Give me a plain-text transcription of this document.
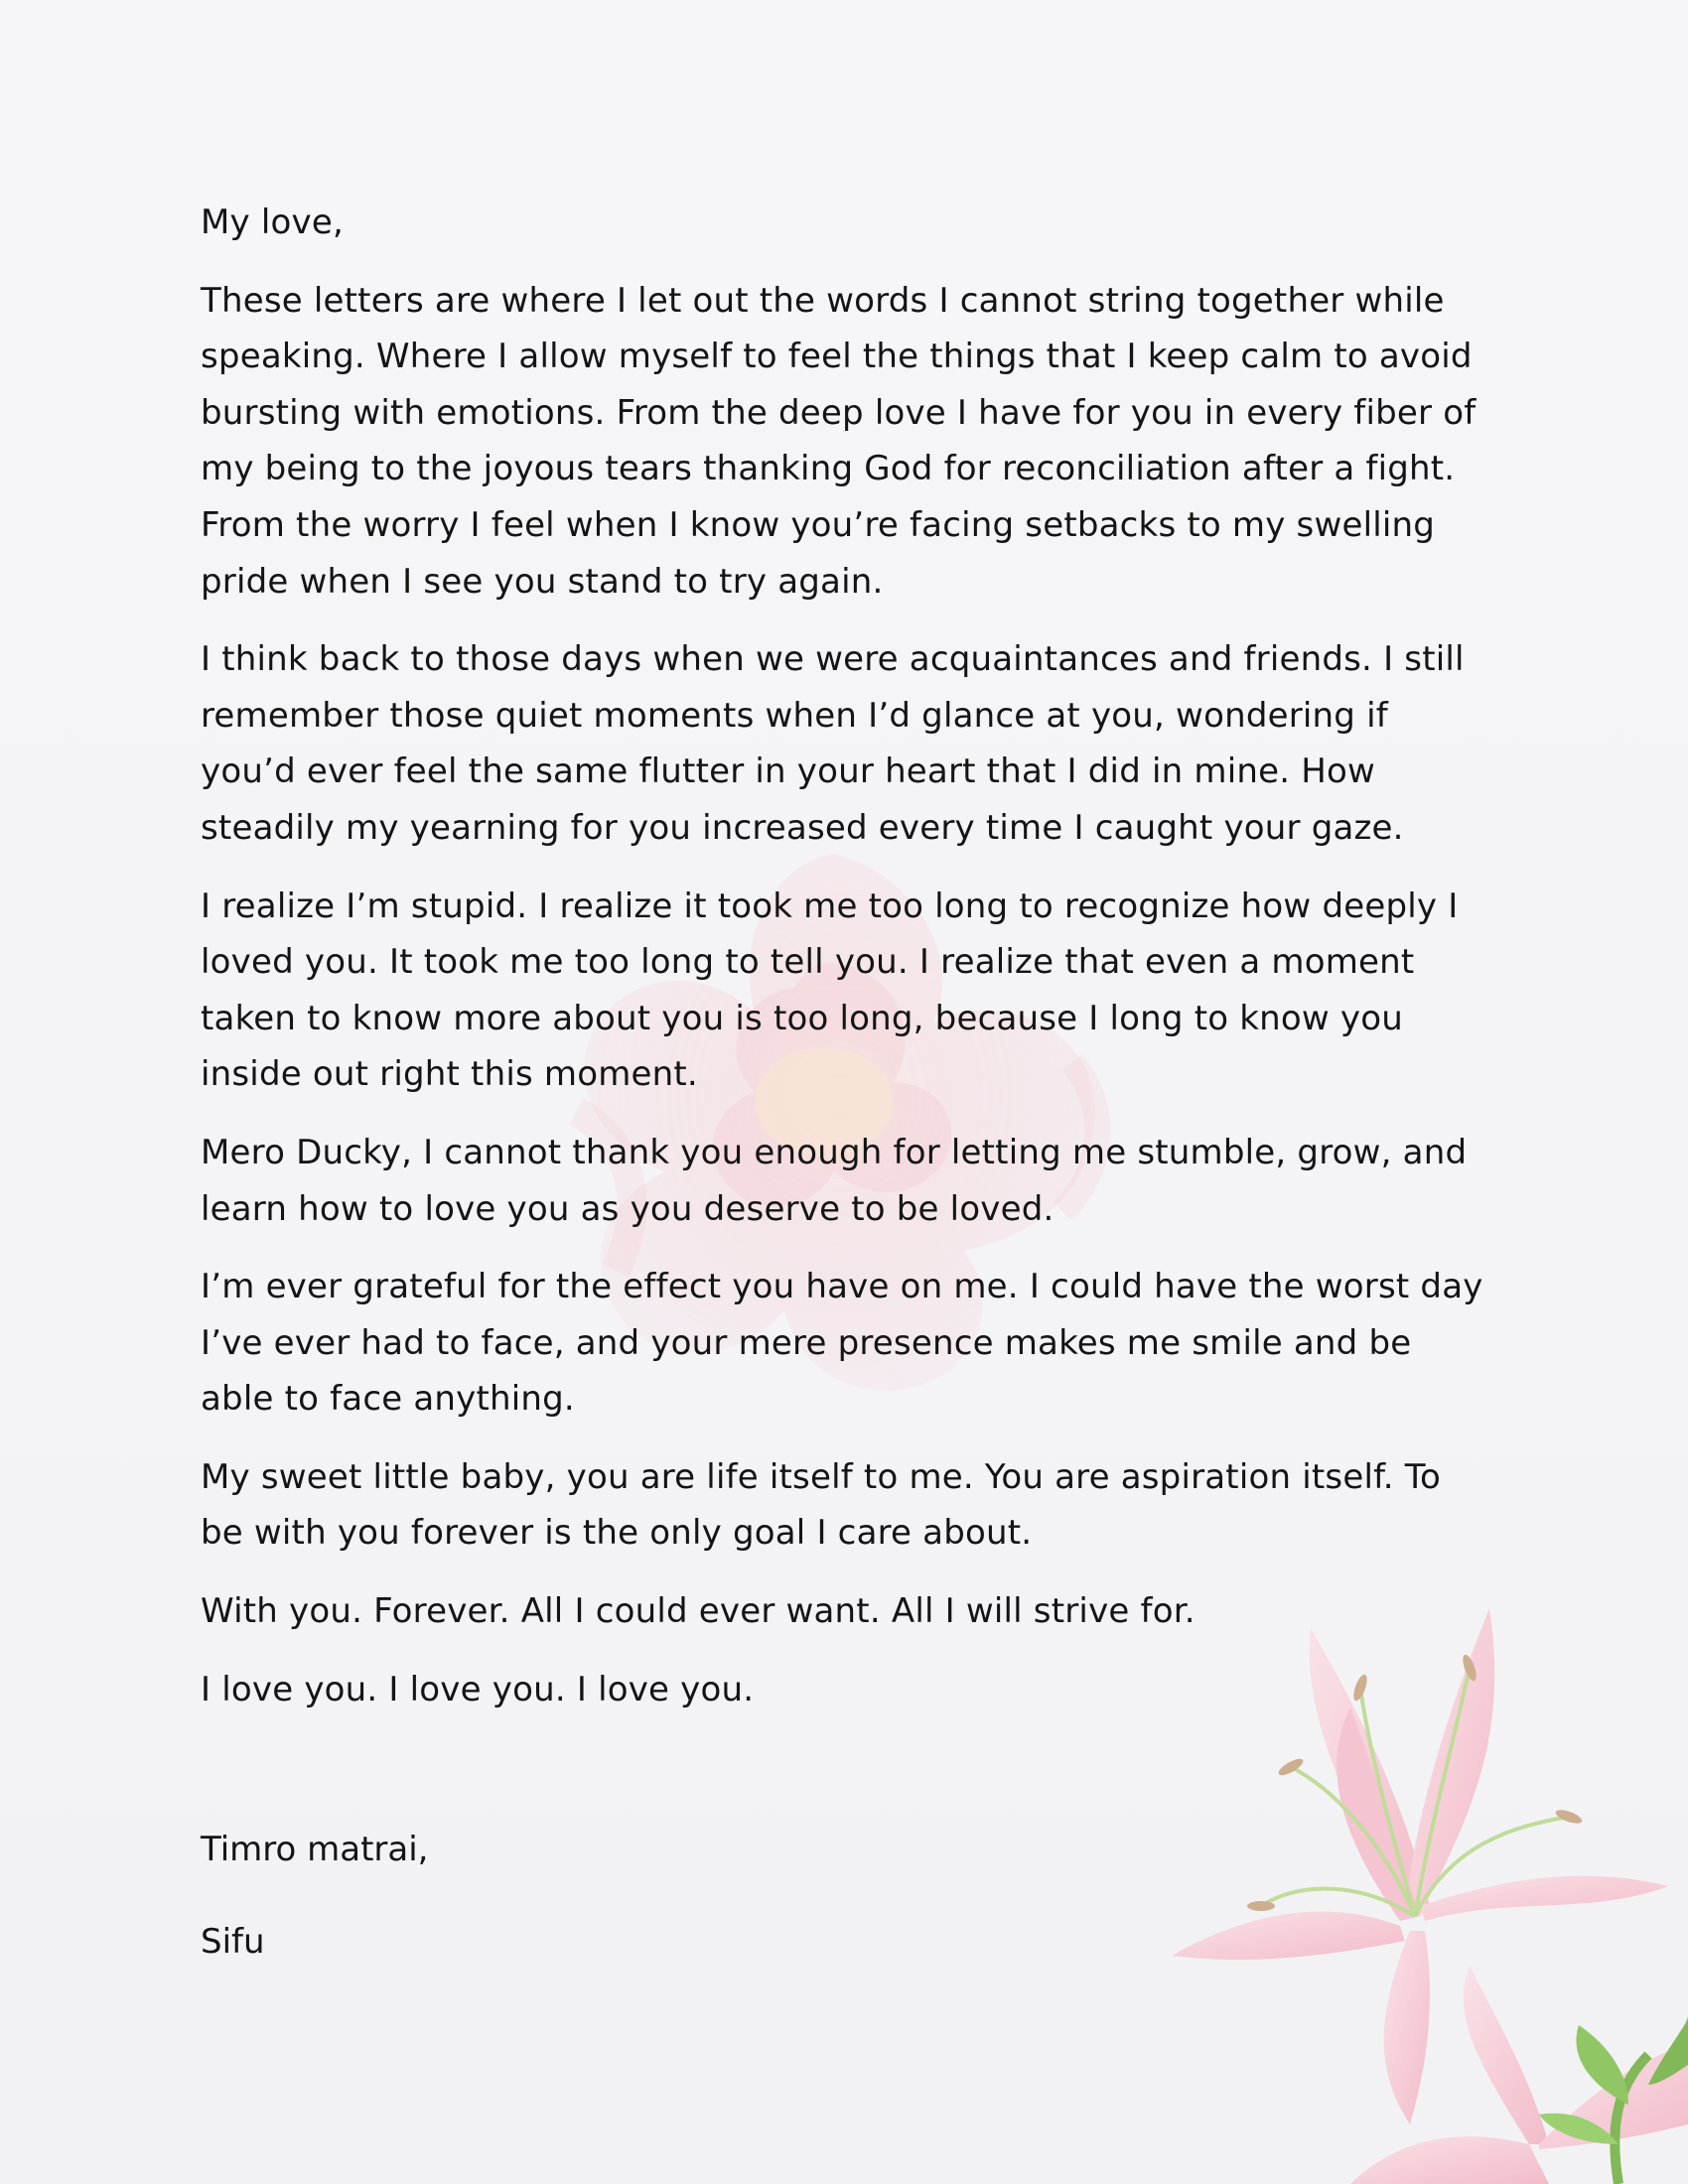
My love,

These letters are where I let out the words I cannot string together while speaking. Where I allow myself to feel the things that I keep calm to avoid bursting with emotions. From the deep love I have for you in every fiber of my being to the joyous tears thanking God for reconciliation after a fight. From the worry I feel when I know you’re facing setbacks to my swelling pride when I see you stand to try again.

I think back to those days when we were acquaintances and friends. I still remember those quiet moments when I’d glance at you, wondering if you’d ever feel the same flutter in your heart that I did in mine. How steadily my yearning for you increased every time I caught your gaze.

I realize I’m stupid. I realize it took me too long to recognize how deeply I loved you. It took me too long to tell you. I realize that even a moment taken to know more about you is too long, because I long to know you inside out right this moment.

Mero Ducky, I cannot thank you enough for letting me stumble, grow, and learn how to love you as you deserve to be loved.

I’m ever grateful for the effect you have on me. I could have the worst day I’ve ever had to face, and your mere presence makes me smile and be able to face anything.

My sweet little baby, you are life itself to me. You are aspiration itself. To be with you forever is the only goal I care about.

With you. Forever. All I could ever want. All I will strive for.

I love you. I love you. I love you.

Timro matrai,

Sifu
